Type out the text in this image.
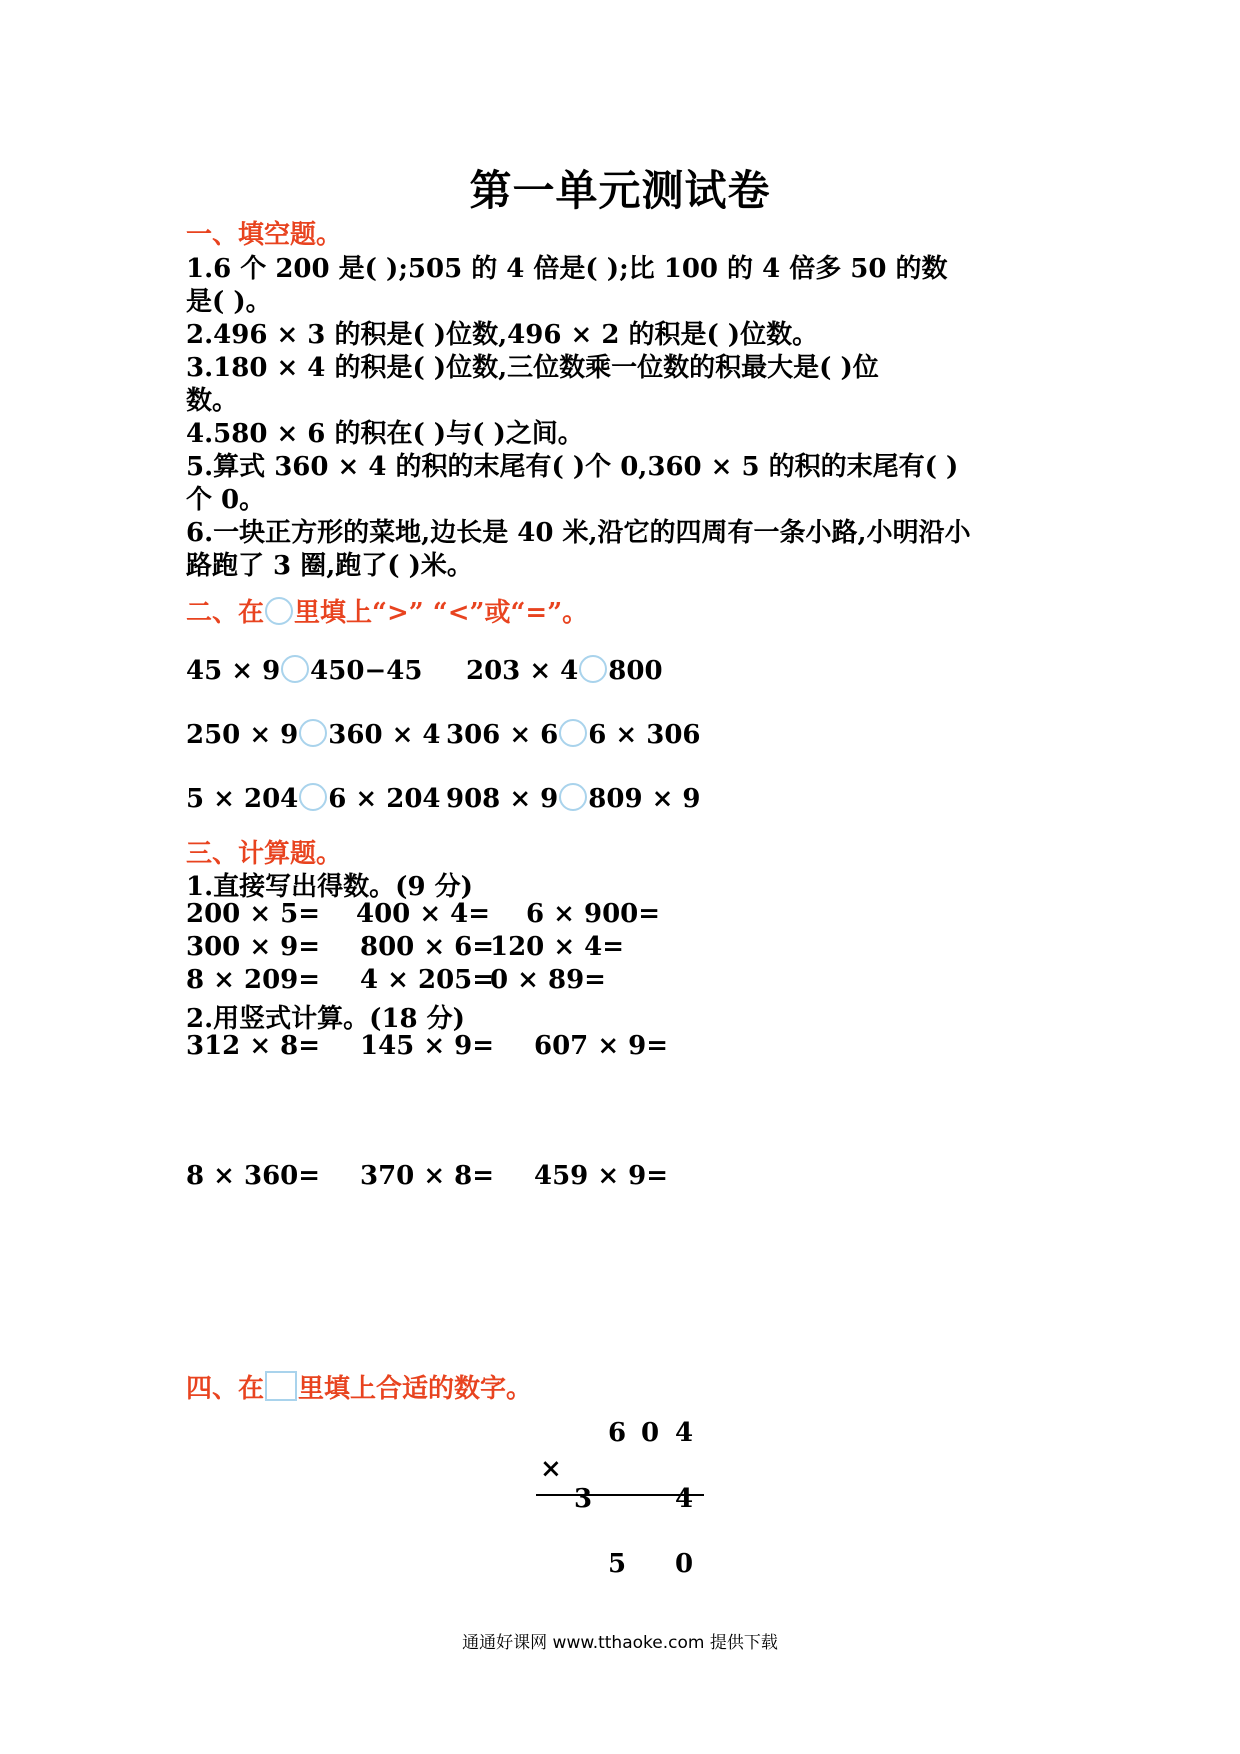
第一单元测试卷
一、填空题。
1.6 个 200 是( );505 的 4 倍是( );比 100 的 4 倍多 50 的数
是( )。
2.496 × 3 的积是( )位数,496 × 2 的积是( )位数。
3.180 × 4 的积是( )位数,三位数乘一位数的积最大是( )位
数。
4.580 × 6 的积在( )与( )之间。
5.算式 360 × 4 的积的末尾有( )个 0,360 × 5 的积的末尾有( )
个 0。
6.一块正方形的菜地,边长是 40 米,沿它的四周有一条小路,小明沿小
路跑了 3 圈,跑了( )米。
二、在 里填上“>” “<”或“=”。
45 × 9 450−45 203 × 4 800
250 × 9 360 × 4 306 × 6 6 × 306
5 × 204 6 × 204 908 × 9 809 × 9
三、计算题。
1.直接写出得数。(9 分)
200 × 5= 400 × 4= 6 × 900=
300 × 9= 800 × 6=
120 × 4=
8 × 209= 4 × 205=
0 × 89=
2.用竖式计算。(18 分)
312 × 8= 145 × 9= 607 × 9=
8 × 360= 370 × 8= 459 × 9=
四、在 里填上合适的数字。
6 0 4
×
3	4
5 0
通通好课网 www.tthaoke.com 提供下载
